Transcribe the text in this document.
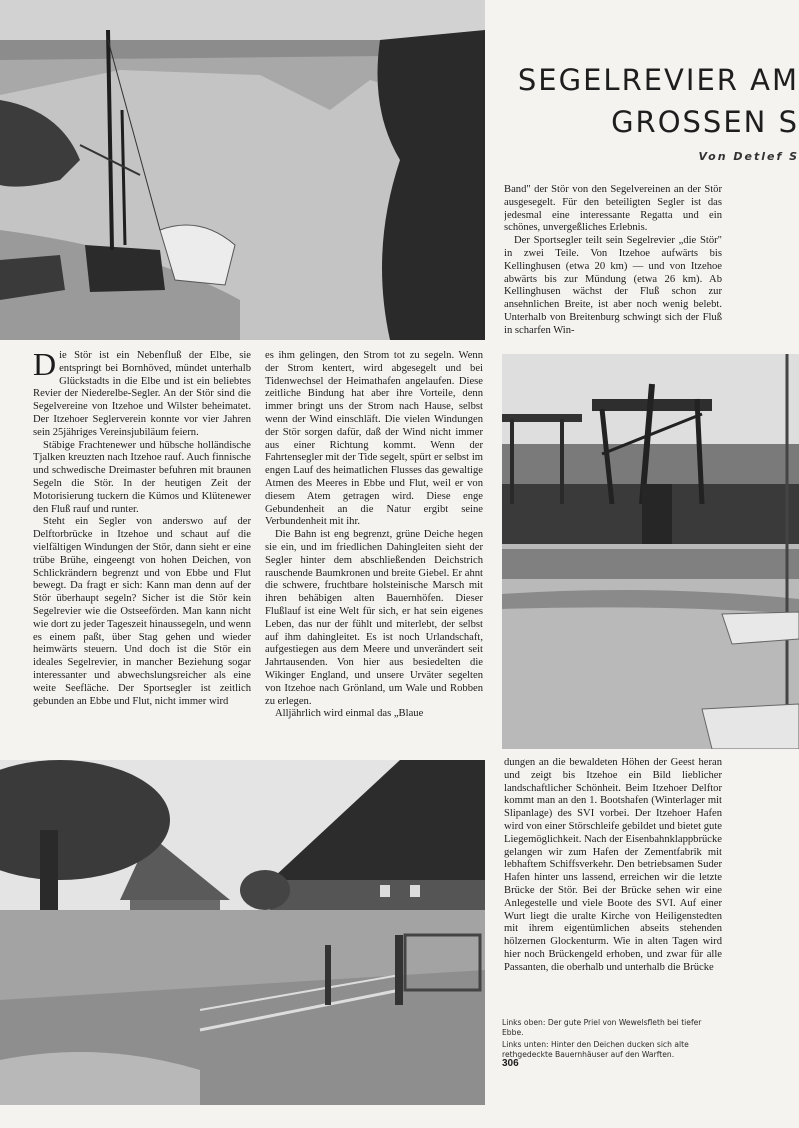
SEGELREVIER AM
GROSSEN S
Von Detlef S

Band" der Stör von den Segelvereinen an der Stör ausgesegelt. Für den beteiligten Segler ist das jedesmal eine interessante Regatta und ein schönes, unvergeßliches Erlebnis.

Der Sportsegler teilt sein Segelrevier „die Stör" in zwei Teile. Von Itzehoe aufwärts bis Kellinghusen (etwa 20 km) — und von Itzehoe abwärts bis zur Mündung (etwa 26 km). Ab Kellinghusen wächst der Fluß schon zur ansehnlichen Breite, ist aber noch wenig belebt. Unterhalb von Breitenburg schwingt sich der Fluß in scharfen Win-

Die Stör ist ein Nebenfluß der Elbe, sie entspringt bei Bornhöved, mündet unterhalb Glückstadts in die Elbe und ist ein beliebtes Revier der Niederelbe-Segler. An der Stör sind die Segelvereine von Itzehoe und Wilster beheimatet. Der Itzehoer Seglerverein konnte vor vier Jahren sein 25jähriges Vereinsjubiläum feiern.

Stäbige Frachtenewer und hübsche holländische Tjalken kreuzten nach Itzehoe rauf. Auch finnische und schwedische Dreimaster befuhren mit braunen Segeln die Stör. In der heutigen Zeit der Motorisierung tuckern die Kümos und Klütenewer den Fluß rauf und runter.

Steht ein Segler von anderswo auf der Delftorbrücke in Itzehoe und schaut auf die vielfältigen Windungen der Stör, dann sieht er eine trübe Brühe, eingeengt von hohen Deichen, von Schlickrändern begrenzt und von Ebbe und Flut bewegt. Da fragt er sich: Kann man denn auf der Stör überhaupt segeln? Sicher ist die Stör kein Segelrevier wie die Ostseeförden. Man kann nicht wie dort zu jeder Tageszeit hinaussegeln, und wenn es einem paßt, über Stag gehen und wieder heimwärts steuern. Und doch ist die Stör ein ideales Segelrevier, in mancher Beziehung sogar interessanter und abwechslungsreicher als eine weite Seefläche. Der Sportsegler ist zeitlich gebunden an Ebbe und Flut, nicht immer wird

es ihm gelingen, den Strom tot zu segeln. Wenn der Strom kentert, wird abgesegelt und bei Tidenwechsel der Heimathafen angelaufen. Diese zeitliche Bindung hat aber ihre Vorteile, denn immer bringt uns der Strom nach Hause, selbst wenn der Wind einschläft. Die vielen Windungen der Stör sorgen dafür, daß der Wind nicht immer aus einer Richtung kommt. Wenn der Fahrtensegler mit der Tide segelt, spürt er selbst im engen Lauf des heimatlichen Flusses das gewaltige Atmen des Meeres in Ebbe und Flut, weil er von diesem Atem getragen wird. Diese enge Gebundenheit an die Natur ergibt seine Verbundenheit mit ihr.

Die Bahn ist eng begrenzt, grüne Deiche hegen sie ein, und im friedlichen Dahingleiten sieht der Segler hinter dem abschließenden Deichstrich rauschende Baumkronen und breite Giebel. Er ahnt die schwere, fruchtbare holsteinische Marsch mit ihren behäbigen alten Bauernhöfen. Dieser Flußlauf ist eine Welt für sich, er hat sein eigenes Leben, das nur der fühlt und miterlebt, der selbst auf ihm dahingleitet. Es ist noch Urlandschaft, aufgestiegen aus dem Meere und unverändert seit Jahrtausenden. Von hier aus besiedelten die Wikinger England, und unsere Urväter segelten von Itzehoe nach Grönland, um Wale und Robben zu erlegen.

Alljährlich wird einmal das „Blaue

dungen an die bewaldeten Höhen der Geest heran und zeigt bis Itzehoe ein Bild lieblicher landschaftlicher Schönheit. Beim Itzehoer Delftor kommt man an den 1. Bootshafen (Winterlager mit Slipanlage) des SVI vorbei. Der Itzehoer Hafen wird von einer Störschleife gebildet und bietet gute Liegemöglichkeit. Nach der Eisenbahnklappbrücke gelangen wir zum Hafen der Zementfabrik mit lebhaftem Schiffsverkehr. Den betriebsamen Suder Hafen hinter uns lassend, erreichen wir die letzte Brücke der Stör. Bei der Brücke sehen wir eine Anlegestelle und viele Boote des SVI. Auf einer Wurt liegt die uralte Kirche von Heiligenstedten mit ihrem eigentümlichen abseits stehenden hölzernen Glockenturm. Wie in alten Tagen wird hier noch Brückengeld erhoben, und zwar für alle Passanten, die oberhalb und unterhalb die Brücke

Links oben: Der gute Priel von Wewelsfleth bei tiefer Ebbe.

Links unten: Hinter den Deichen ducken sich alte rethgedeckte Bauernhäuser auf den Warften.

306
